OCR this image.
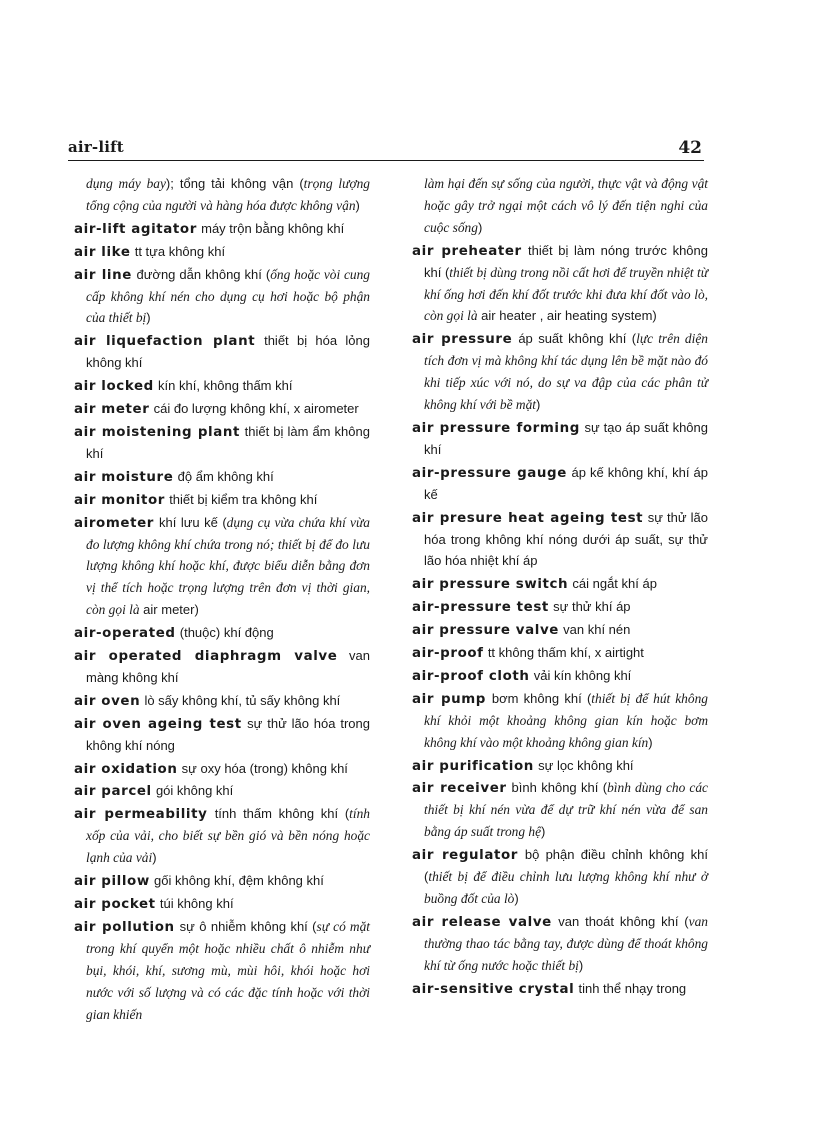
air-lift	42

dụng máy bay); tổng tải không vận (trọng lượng tổng cộng của người và hàng hóa được không vận)

air-lift agitator máy trộn bằng không khí

air like tt tựa không khí

air line đường dẫn không khí (ống hoặc vòi cung cấp không khí nén cho dụng cụ hơi hoặc bộ phận của thiết bị)

air liquefaction plant thiết bị hóa lỏng không khí

air locked kín khí, không thấm khí

air meter cái đo lượng không khí, x airometer

air moistening plant thiết bị làm ẩm không khí

air moisture độ ẩm không khí

air monitor thiết bị kiểm tra không khí

airometer khí lưu kế (dụng cụ vừa chứa khí vừa đo lượng không khí chứa trong nó; thiết bị để đo lưu lượng không khí hoặc khí, được biểu diễn bằng đơn vị thể tích hoặc trọng lượng trên đơn vị thời gian, còn gọi là air meter)

air-operated (thuộc) khí động

air operated diaphragm valve van màng không khí

air oven lò sấy không khí, tủ sấy không khí

air oven ageing test sự thử lão hóa trong không khí nóng

air oxidation sự oxy hóa (trong) không khí

air parcel gói không khí

air permeability tính thấm không khí (tính xốp của vải, cho biết sự bền gió và bền nóng hoặc lạnh của vải)

air pillow gối không khí, đệm không khí

air pocket túi không khí

air pollution sự ô nhiễm không khí (sự có mặt trong khí quyển một hoặc nhiều chất ô nhiễm như bụi, khói, khí, sương mù, mùi hôi, khói hoặc hơi nước với số lượng và có các đặc tính hoặc với thời gian khiến

làm hại đến sự sống của người, thực vật và động vật hoặc gây trở ngại một cách vô lý đến tiện nghi của cuộc sống)

air preheater thiết bị làm nóng trước không khí (thiết bị dùng trong nồi cất hơi để truyền nhiệt từ khí ống hơi đến khí đốt trước khi đưa khí đốt vào lò, còn gọi là air heater , air heating system)

air pressure áp suất không khí (lực trên diện tích đơn vị mà không khí tác dụng lên bề mặt nào đó khi tiếp xúc với nó, do sự va đập của các phân tử không khí với bề mặt)

air pressure forming sự tạo áp suất không khí

air-pressure gauge áp kế không khí, khí áp kế

air presure heat ageing test sự thử lão hóa trong không khí nóng dưới áp suất, sự thử lão hóa nhiệt khí áp

air pressure switch cái ngắt khí áp

air-pressure test sự thử khí áp

air pressure valve van khí nén

air-proof tt không thấm khí, x airtight

air-proof cloth vải kín không khí

air pump bơm không khí (thiết bị để hút không khí khỏi một khoảng không gian kín hoặc bơm không khí vào một khoảng không gian kín)

air purification sự lọc không khí

air receiver bình không khí (bình dùng cho các thiết bị khí nén vừa để dự trữ khí nén vừa để san bằng áp suất trong hệ)

air regulator bộ phận điều chỉnh không khí (thiết bị để điều chỉnh lưu lượng không khí như ở buồng đốt của lò)

air release valve van thoát không khí (van thường thao tác bằng tay, được dùng để thoát không khí từ ống nước hoặc thiết bị)

air-sensitive crystal tinh thể nhạy trong
